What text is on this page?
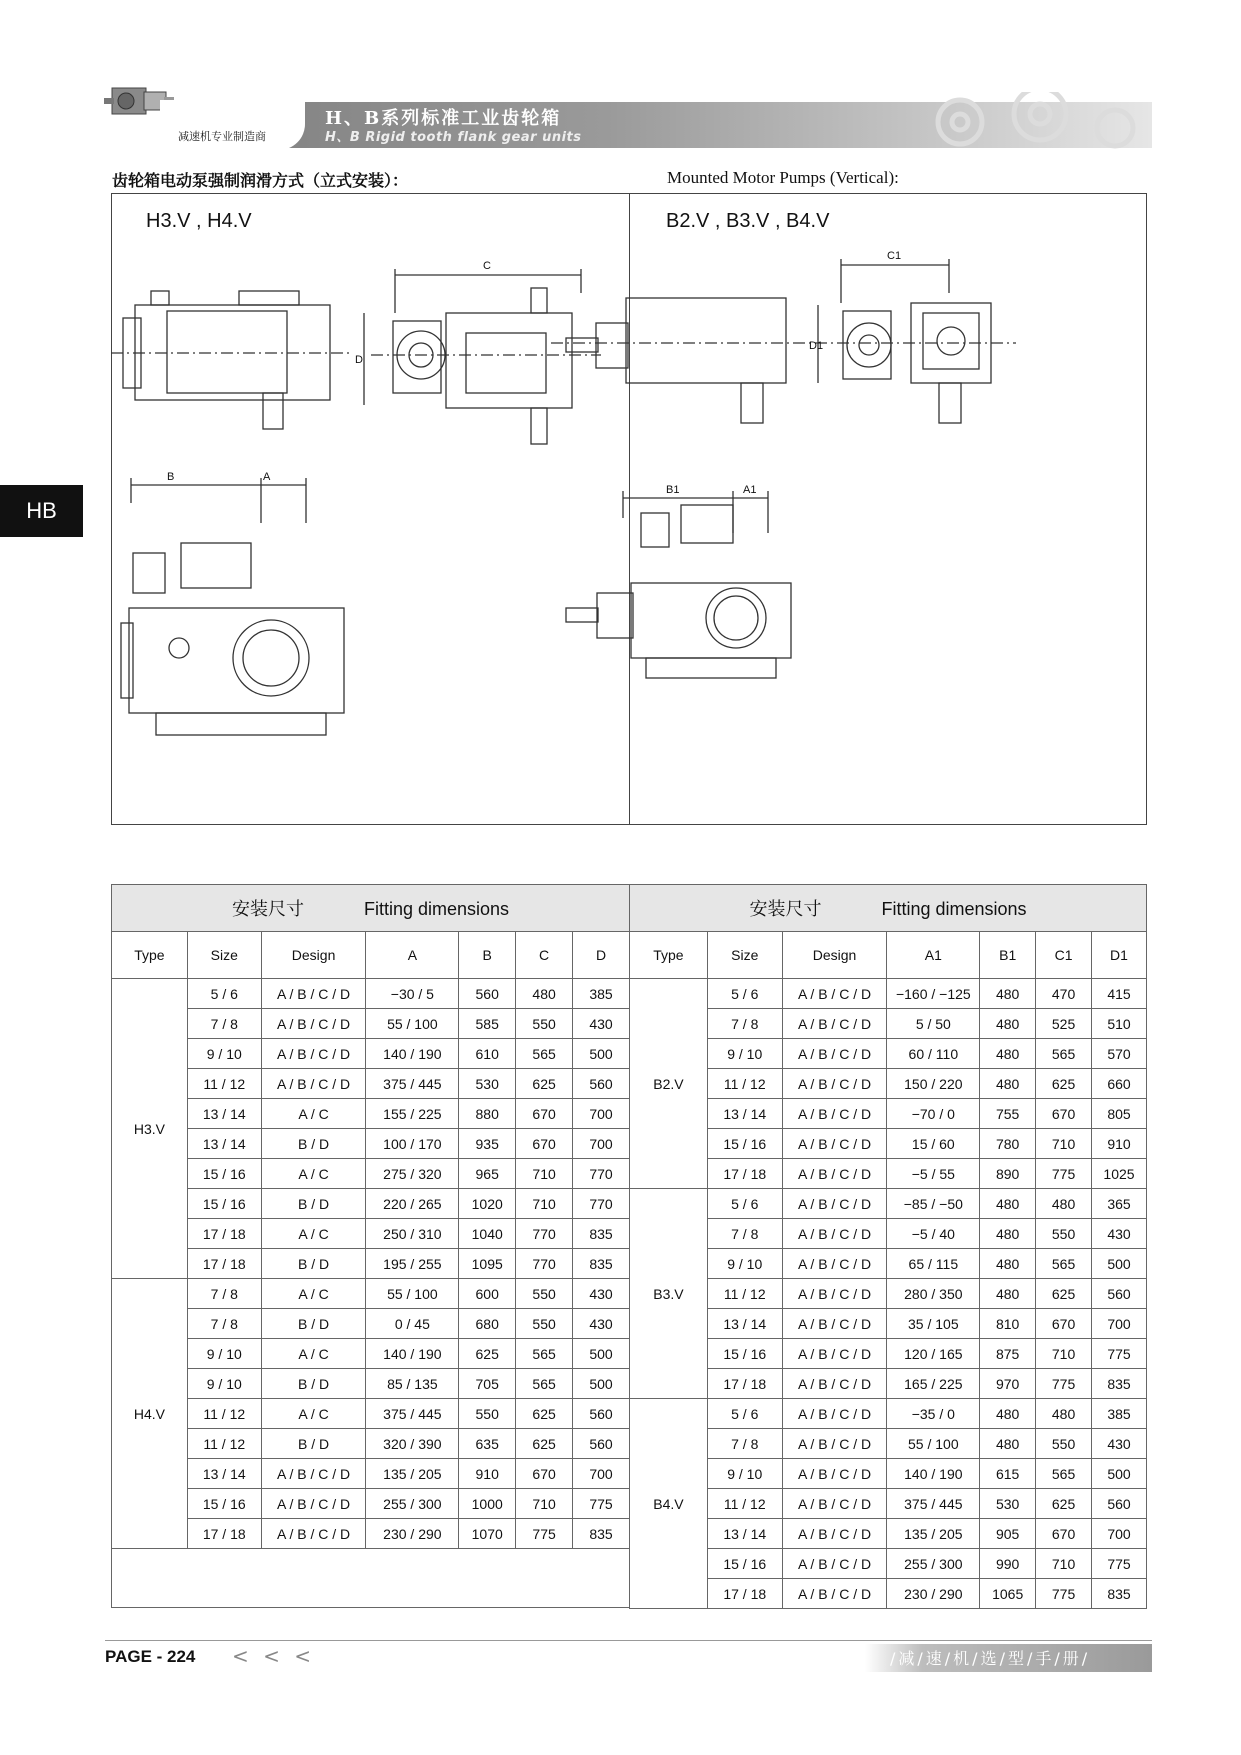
H、B系列标准工业齿轮箱
H、B Rigid tooth flank gear units
减速机专业制造商
HB
齿轮箱电动泵强制润滑方式（立式安装）：	Mounted Motor Pumps (Vertical):
C
D
B	A
C1
D1
B1	A1
H3.V , H4.V	B2.V , B3.V , B4.V
安装尺寸 Fitting dimensions						
Type	Size	Design	A	B	C	D
H3.V	5 / 6	A / B / C / D	−30 / 5	560	480	385
	7 / 8	A / B / C / D	55 / 100	585	550	430
	9 / 10	A / B / C / D	140 / 190	610	565	500
	11 / 12	A / B / C / D	375 / 445	530	625	560
	13 / 14	A / C	155 / 225	880	670	700
	13 / 14	B / D	100 / 170	935	670	700
	15 / 16	A / C	275 / 320	965	710	770
	15 / 16	B / D	220 / 265	1020	710	770
	17 / 18	A / C	250 / 310	1040	770	835
	17 / 18	B / D	195 / 255	1095	770	835
H4.V	7 / 8	A / C	55 / 100	600	550	430
	7 / 8	B / D	0 / 45	680	550	430
	9 / 10	A / C	140 / 190	625	565	500
	9 / 10	B / D	85 / 135	705	565	500
	11 / 12	A / C	375 / 445	550	625	560
	11 / 12	B / D	320 / 390	635	625	560
	13 / 14	A / B / C / D	135 / 205	910	670	700
	15 / 16	A / B / C / D	255 / 300	1000	710	775
	17 / 18	A / B / C / D	230 / 290	1070	775	835

安装尺寸 Fitting dimensions						
Type	Size	Design	A1	B1	C1	D1
B2.V	5 / 6	A / B / C / D	−160 / −125	480	470	415
	7 / 8	A / B / C / D	5 / 50	480	525	510
	9 / 10	A / B / C / D	60 / 110	480	565	570
	11 / 12	A / B / C / D	150 / 220	480	625	660
	13 / 14	A / B / C / D	−70 / 0	755	670	805
	15 / 16	A / B / C / D	15 / 60	780	710	910
	17 / 18	A / B / C / D	−5 / 55	890	775	1025
B3.V	5 / 6	A / B / C / D	−85 / −50	480	480	365
	7 / 8	A / B / C / D	−5 / 40	480	550	430
	9 / 10	A / B / C / D	65 / 115	480	565	500
	11 / 12	A / B / C / D	280 / 350	480	625	560
	13 / 14	A / B / C / D	35 / 105	810	670	700
	15 / 16	A / B / C / D	120 / 165	875	710	775
	17 / 18	A / B / C / D	165 / 225	970	775	835
B4.V	5 / 6	A / B / C / D	−35 / 0	480	480	385
	7 / 8	A / B / C / D	55 / 100	480	550	430
	9 / 10	A / B / C / D	140 / 190	615	565	500
	11 / 12	A / B / C / D	375 / 445	530	625	560
	13 / 14	A / B / C / D	135 / 205	905	670	700
	15 / 16	A / B / C / D	255 / 300	990	710	775
	17 / 18	A / B / C / D	230 / 290	1065	775	835
PAGE - 224 < < <	/减/速/机/选/型/手/册/
